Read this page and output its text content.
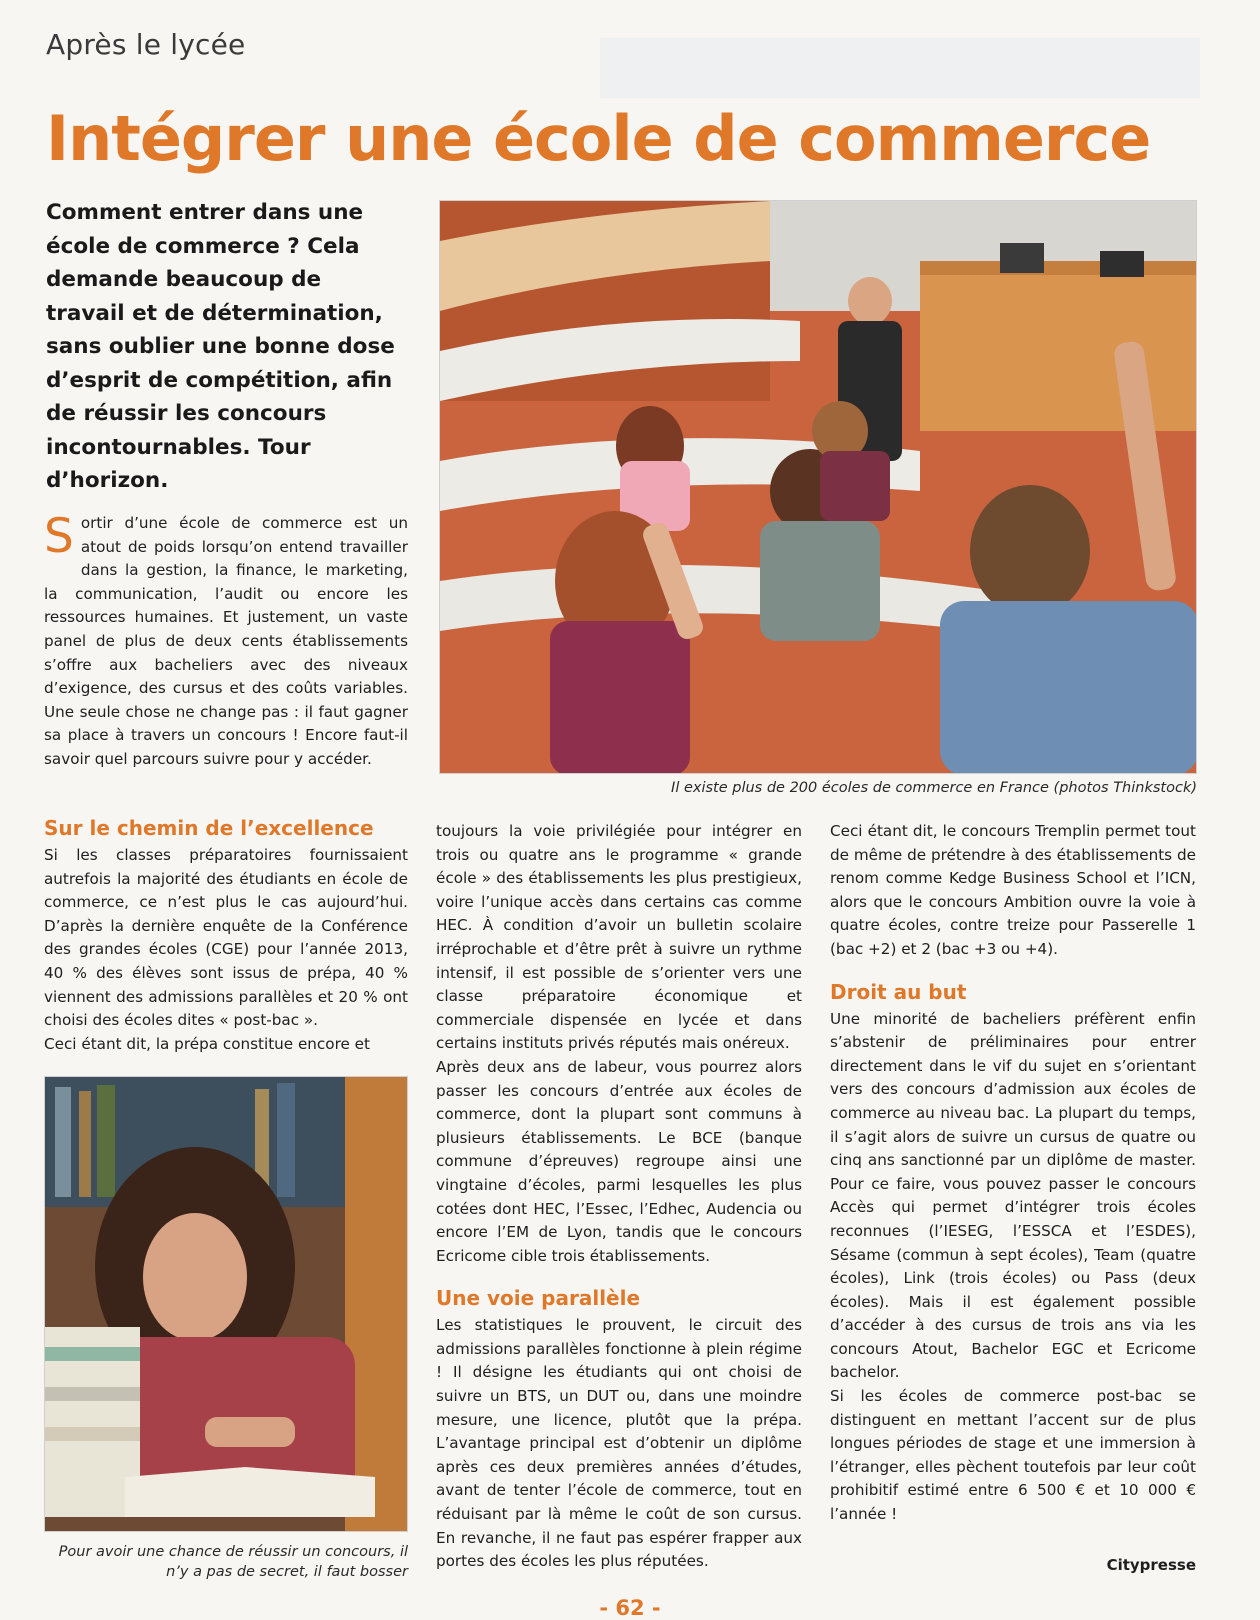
Après le lycée
Intégrer une école de commerce
Comment entrer dans une école de commerce ? Cela demande beaucoup de travail et de détermination, sans oublier une bonne dose d’esprit de compétition, afin de réussir les concours incontournables. Tour d’horizon.
Il existe plus de 200 écoles de commerce en France (photos Thinkstock)
Sortir d’une école de commerce est un atout de poids lorsqu’on entend travailler dans la gestion, la finance, le marketing, la communication, l’audit ou encore les ressources humaines. Et justement, un vaste panel de plus de deux cents établissements s’offre aux bacheliers avec des niveaux d’exigence, des cursus et des coûts variables. Une seule chose ne change pas : il faut gagner sa place à travers un concours ! Encore faut-il savoir quel parcours suivre pour y accéder.
Sur le chemin de l’excellence

Si les classes préparatoires fournissaient autrefois la majorité des étudiants en école de commerce, ce n’est plus le cas aujourd’hui. D’après la dernière enquête de la Conférence des grandes écoles (CGE) pour l’année 2013, 40 % des élèves sont issus de prépa, 40 % viennent des admissions parallèles et 20 % ont choisi des écoles dites « post-bac ».

Ceci étant dit, la prépa constitue encore et

Pour avoir une chance de réussir un concours, il n’y a pas de secret, il faut bosser

toujours la voie privilégiée pour intégrer en trois ou quatre ans le programme « grande école » des établissements les plus prestigieux, voire l’unique accès dans certains cas comme HEC. À condition d’avoir un bulletin scolaire irréprochable et d’être prêt à suivre un rythme intensif, il est possible de s’orienter vers une classe préparatoire économique et commerciale dispensée en lycée et dans certains instituts privés réputés mais onéreux.

Après deux ans de labeur, vous pourrez alors passer les concours d’entrée aux écoles de commerce, dont la plupart sont communs à plusieurs établissements. Le BCE (banque commune d’épreuves) regroupe ainsi une vingtaine d’écoles, parmi lesquelles les plus cotées dont HEC, l’Essec, l’Edhec, Audencia ou encore l’EM de Lyon, tandis que le concours Ecricome cible trois établissements.

Une voie parallèle

Les statistiques le prouvent, le circuit des admissions parallèles fonctionne à plein régime ! Il désigne les étudiants qui ont choisi de suivre un BTS, un DUT ou, dans une moindre mesure, une licence, plutôt que la prépa. L’avantage principal est d’obtenir un diplôme après ces deux premières années d’études, avant de tenter l’école de commerce, tout en réduisant par là même le coût de son cursus. En revanche, il ne faut pas espérer frapper aux portes des écoles les plus réputées.

Ceci étant dit, le concours Tremplin permet tout de même de prétendre à des établissements de renom comme Kedge Business School et l’ICN, alors que le concours Ambition ouvre la voie à quatre écoles, contre treize pour Passerelle 1 (bac +2) et 2 (bac +3 ou +4).

Droit au but

Une minorité de bacheliers préfèrent enfin s’abstenir de préliminaires pour entrer directement dans le vif du sujet en s’orientant vers des concours d’admission aux écoles de commerce au niveau bac. La plupart du temps, il s’agit alors de suivre un cursus de quatre ou cinq ans sanctionné par un diplôme de master. Pour ce faire, vous pouvez passer le concours Accès qui permet d’intégrer trois écoles reconnues (l’IESEG, l’ESSCA et l’ESDES), Sésame (commun à sept écoles), Team (quatre écoles), Link (trois écoles) ou Pass (deux écoles). Mais il est également possible d’accéder à des cursus de trois ans via les concours Atout, Bachelor EGC et Ecricome bachelor.

Si les écoles de commerce post-bac se distinguent en mettant l’accent sur de plus longues périodes de stage et une immersion à l’étranger, elles pèchent toutefois par leur coût prohibitif estimé entre 6 500 € et 10 000 € l’année !

Citypresse
- 62 -
